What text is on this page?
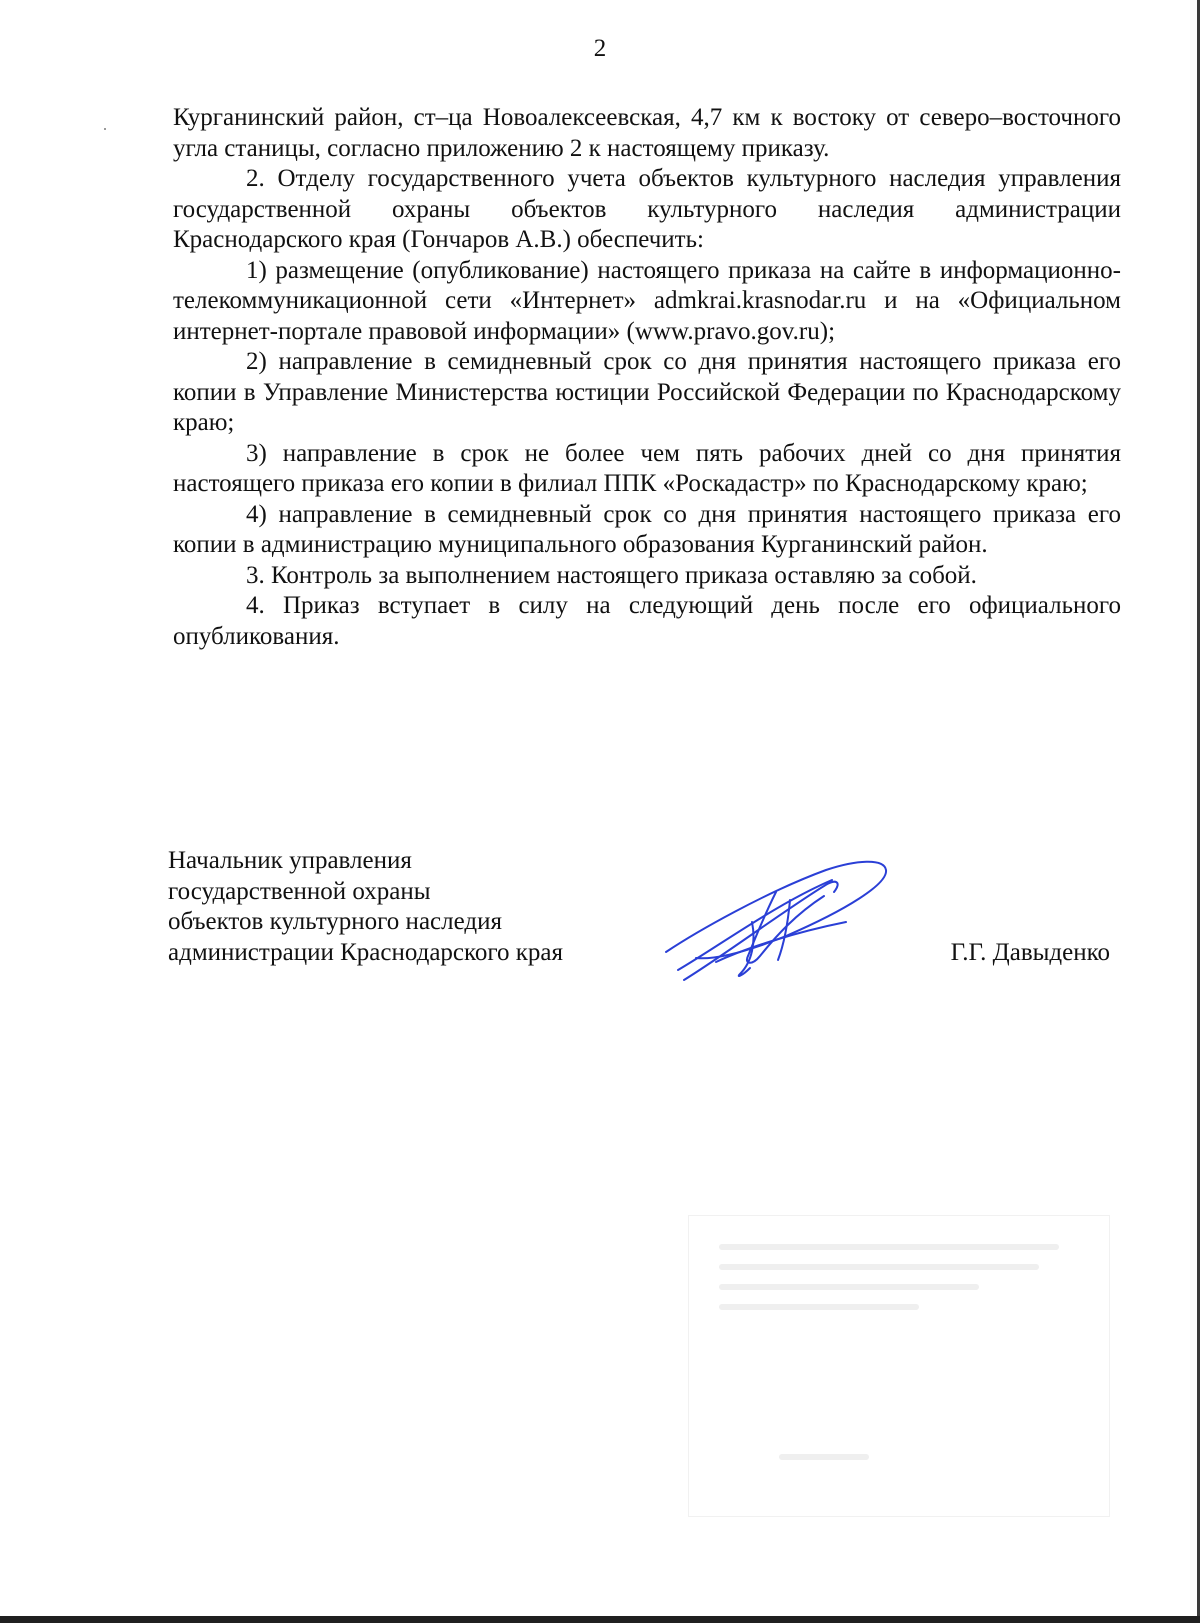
2

Курганинский район, ст–ца Новоалексеевская, 4,7 км к востоку от северо–восточного угла станицы, согласно приложению 2 к настоящему приказу.

2. Отделу государственного учета объектов культурного наследия управления государственной охраны объектов культурного наследия администрации Краснодарского края (Гончаров А.В.) обеспечить:

1) размещение (опубликование) настоящего приказа на сайте в информационно-телекоммуникационной сети «Интернет» admkrai.krasnodar.ru и на «Официальном интернет-портале правовой информации» (www.pravo.gov.ru);

2) направление в семидневный срок со дня принятия настоящего приказа его копии в Управление Министерства юстиции Российской Федерации по Краснодарскому краю;

3) направление в срок не более чем пять рабочих дней со дня принятия настоящего приказа его копии в филиал ППК «Роскадастр» по Краснодарскому краю;

4) направление в семидневный срок со дня принятия настоящего приказа его копии в администрацию муниципального образования Курганинский район.

3. Контроль за выполнением настоящего приказа оставляю за собой.

4. Приказ вступает в силу на следующий день после его официального опубликования.

Начальник управления
государственной охраны
объектов культурного наследия
администрации Краснодарского края	Г.Г. Давыденко
